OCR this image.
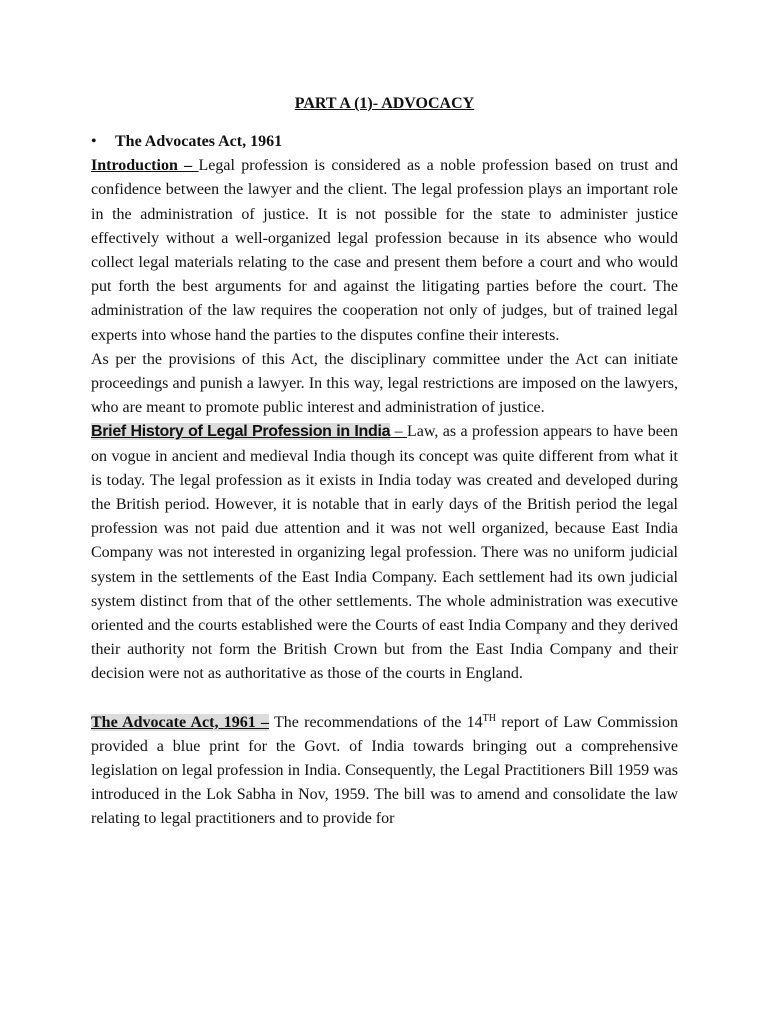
PART A (1)- ADVOCACY
•	The Advocates Act, 1961

Introduction – Legal profession is considered as a noble profession based on trust and confidence between the lawyer and the client. The legal profession plays an important role in the administration of justice. It is not possible for the state to administer justice effectively without a well-organized legal profession because in its absence who would collect legal materials relating to the case and present them before a court and who would put forth the best arguments for and against the litigating parties before the court. The administration of the law requires the cooperation not only of judges, but of trained legal experts into whose hand the parties to the disputes confine their interests.

As per the provisions of this Act, the disciplinary committee under the Act can initiate proceedings and punish a lawyer. In this way, legal restrictions are imposed on the lawyers, who are meant to promote public interest and administration of justice.

Brief History of Legal Profession in India – Law, as a profession appears to have been on vogue in ancient and medieval India though its concept was quite different from what it is today. The legal profession as it exists in India today was created and developed during the British period. However, it is notable that in early days of the British period the legal profession was not paid due attention and it was not well organized, because East India Company was not interested in organizing legal profession. There was no uniform judicial system in the settlements of the East India Company. Each settlement had its own judicial system distinct from that of the other settlements. The whole administration was executive oriented and the courts established were the Courts of east India Company and they derived their authority not form the British Crown but from the East India Company and their decision were not as authoritative as those of the courts in England.

The Advocate Act, 1961 – The recommendations of the 14TH report of Law Commission provided a blue print for the Govt. of India towards bringing out a comprehensive legislation on legal profession in India. Consequently, the Legal Practitioners Bill 1959 was introduced in the Lok Sabha in Nov, 1959. The bill was to amend and consolidate the law relating to legal practitioners and to provide for
